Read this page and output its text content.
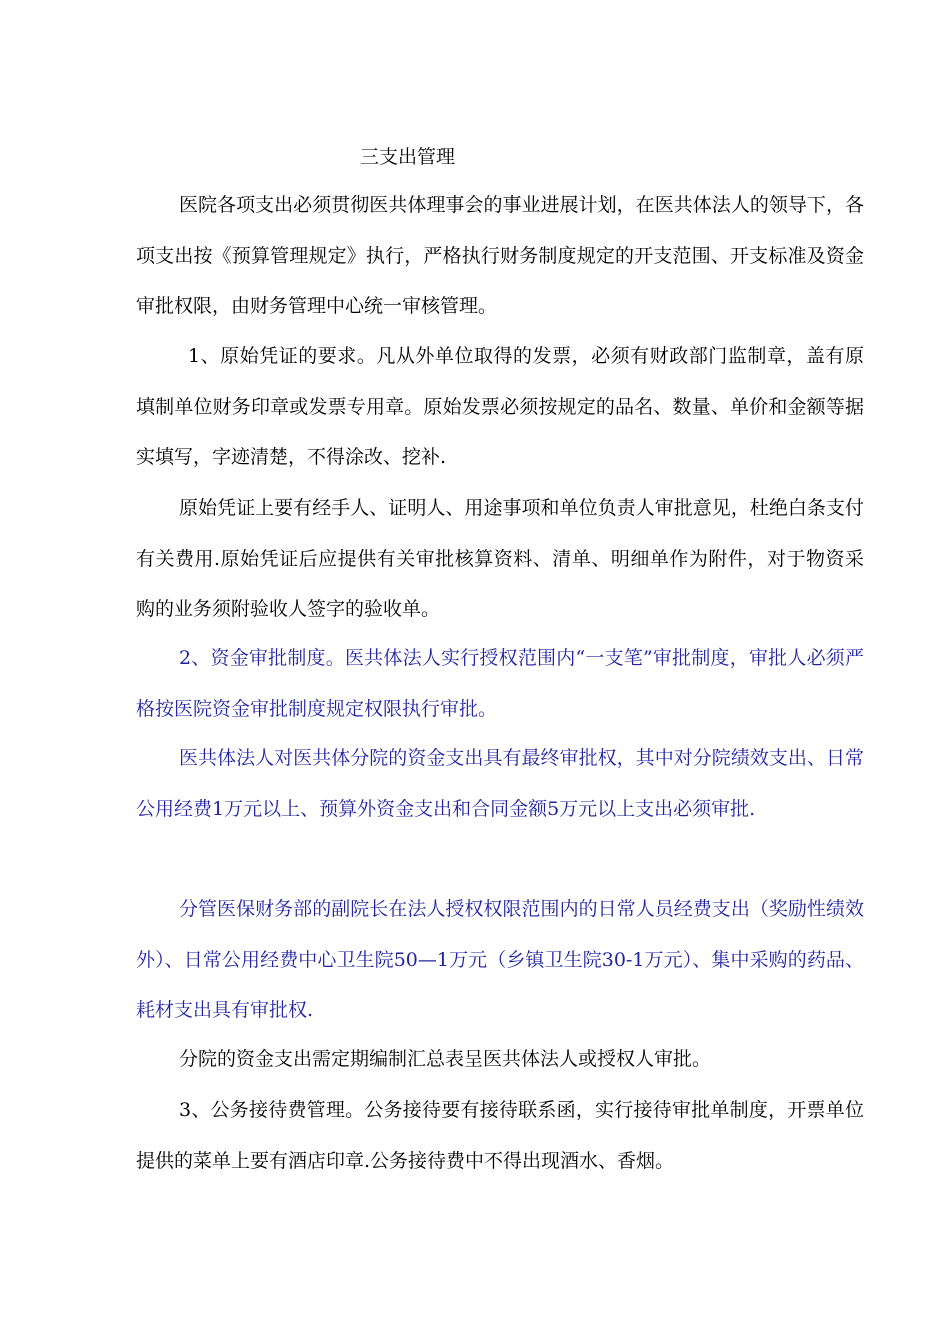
三支出管理

医院各项支出必须贯彻医共体理事会的事业进展计划，在医共体法人的领导下，各项支出按《预算管理规定》执行，严格执行财务制度规定的开支范围、开支标准及资金审批权限，由财务管理中心统一审核管理。

1、原始凭证的要求。凡从外单位取得的发票，必须有财政部门监制章，盖有原填制单位财务印章或发票专用章。原始发票必须按规定的品名、数量、单价和金额等据实填写，字迹清楚，不得涂改、挖补.

原始凭证上要有经手人、证明人、用途事项和单位负责人审批意见，杜绝白条支付有关费用.原始凭证后应提供有关审批核算资料、清单、明细单作为附件，对于物资采购的业务须附验收人签字的验收单。

2、资金审批制度。医共体法人实行授权范围内“一支笔”审批制度，审批人必须严格按医院资金审批制度规定权限执行审批。

医共体法人对医共体分院的资金支出具有最终审批权，其中对分院绩效支出、日常公用经费1万元以上、预算外资金支出和合同金额5万元以上支出必须审批.

分管医保财务部的副院长在法人授权权限范围内的日常人员经费支出（奖励性绩效外）、日常公用经费中心卫生院50—1万元（乡镇卫生院30-1万元）、集中采购的药品、耗材支出具有审批权.

分院的资金支出需定期编制汇总表呈医共体法人或授权人审批。

3、公务接待费管理。公务接待要有接待联系函，实行接待审批单制度，开票单位提供的菜单上要有酒店印章.公务接待费中不得出现酒水、香烟。
